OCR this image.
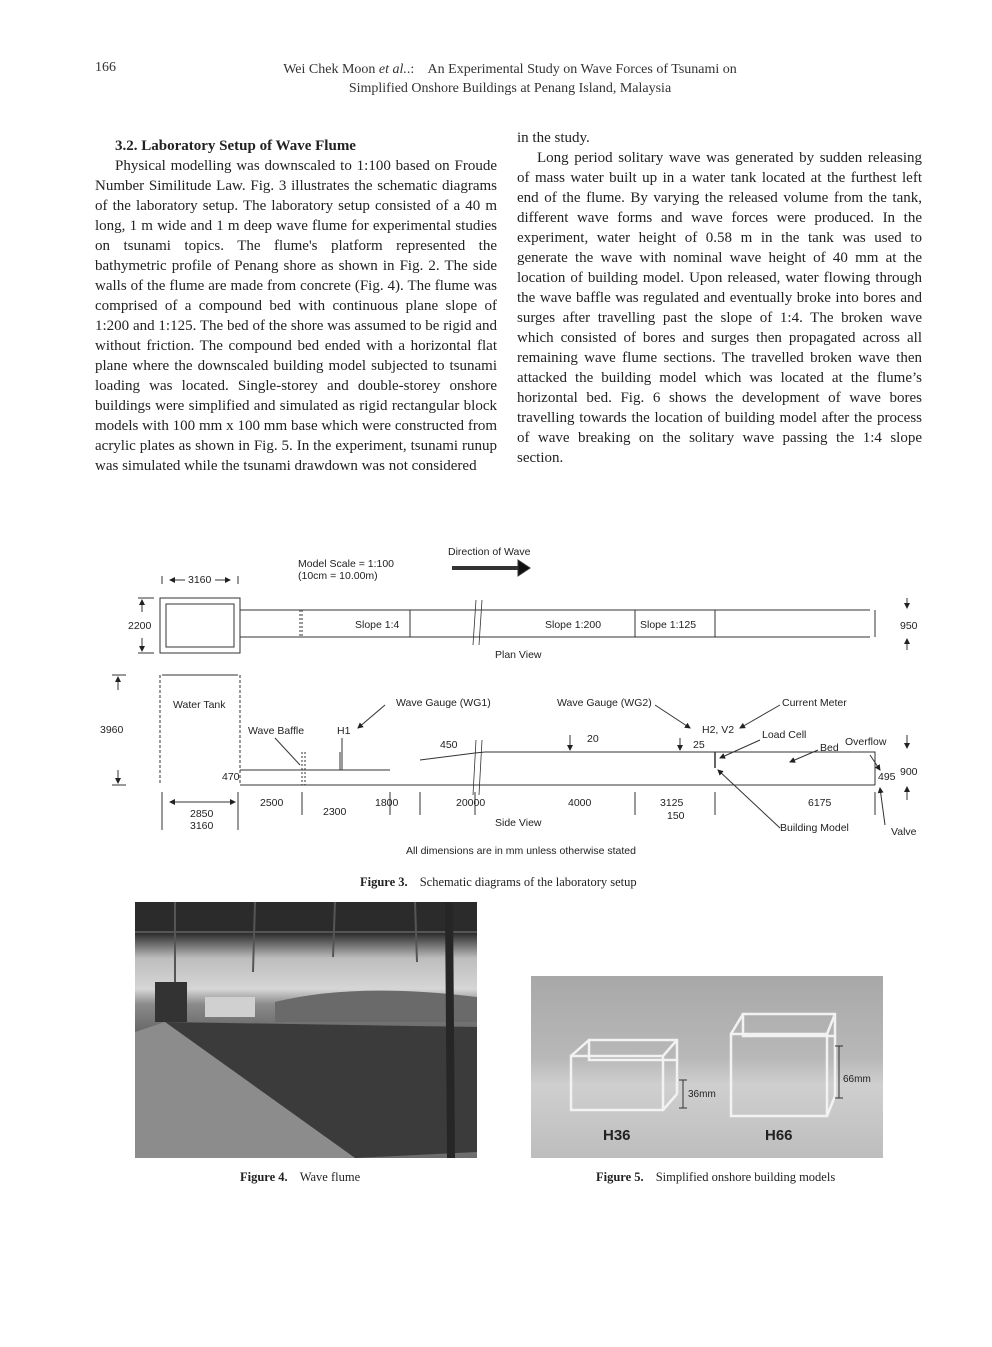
166	Wei Chek Moon et al..:    An Experimental Study on Wave Forces of Tsunami on
Simplified Onshore Buildings at Penang Island, Malaysia

3.2. Laboratory Setup of Wave Flume

Physical modelling was downscaled to 1:100 based on Froude Number Similitude Law. Fig. 3 illustrates the schematic diagrams of the laboratory setup. The laboratory setup consisted of a 40 m long, 1 m wide and 1 m deep wave flume for experimental studies on tsunami topics. The flume's platform represented the bathymetric profile of Penang shore as shown in Fig. 2. The side walls of the flume are made from concrete (Fig. 4). The flume was comprised of a compound bed with continuous plane slope of 1:200 and 1:125. The bed of the shore was assumed to be rigid and without friction. The compound bed ended with a horizontal flat plane where the downscaled building model subjected to tsunami loading was located. Single-storey and double-storey onshore buildings were simplified and simulated as rigid rectangular block models with 100 mm x 100 mm base which were constructed from acrylic plates as shown in Fig. 5. In the experiment, tsunami runup was simulated while the tsunami drawdown was not considered

in the study.

Long period solitary wave was generated by sudden releasing of mass water built up in a water tank located at the furthest left end of the flume. By varying the released volume from the tank, different wave forms and wave forces were produced. In the experiment, water height of 0.58 m in the tank was used to generate the wave with nominal wave height of 40 mm at the location of building model. Upon released, water flowing through the wave baffle was regulated and eventually broke into bores and surges after travelling past the slope of 1:4. The broken wave which consisted of bores and surges then propagated across all remaining wave flume sections. The travelled broken wave then attacked the building model which was located at the flume’s horizontal bed. Fig. 6 shows the development of wave bores travelling towards the location of building model after the process of wave breaking on the solitary wave passing the 1:4 slope section.

Direction of Wave
Model Scale = 1:100
(10cm = 10.00m)
3160
Slope 1:4	Slope 1:200	Slope 1:125
2200	950
Plan View
Water Tank
3960	Wave Baffle	H1
Wave Gauge (WG1)	Wave Gauge (WG2)	Current Meter
H2, V2	Load Cell
Bed Overflow
470
450	20	25
495 900
2500
2300
1800	20000	4000	3125
150
6175
2850
3160	Side View	Building Model	Valve
All dimensions are in mm unless otherwise stated
Figure 3. Schematic diagrams of the laboratory setup
Figure 4. Wave flume
36mm
66mm
H36	H66
Figure 5. Simplified onshore building models
